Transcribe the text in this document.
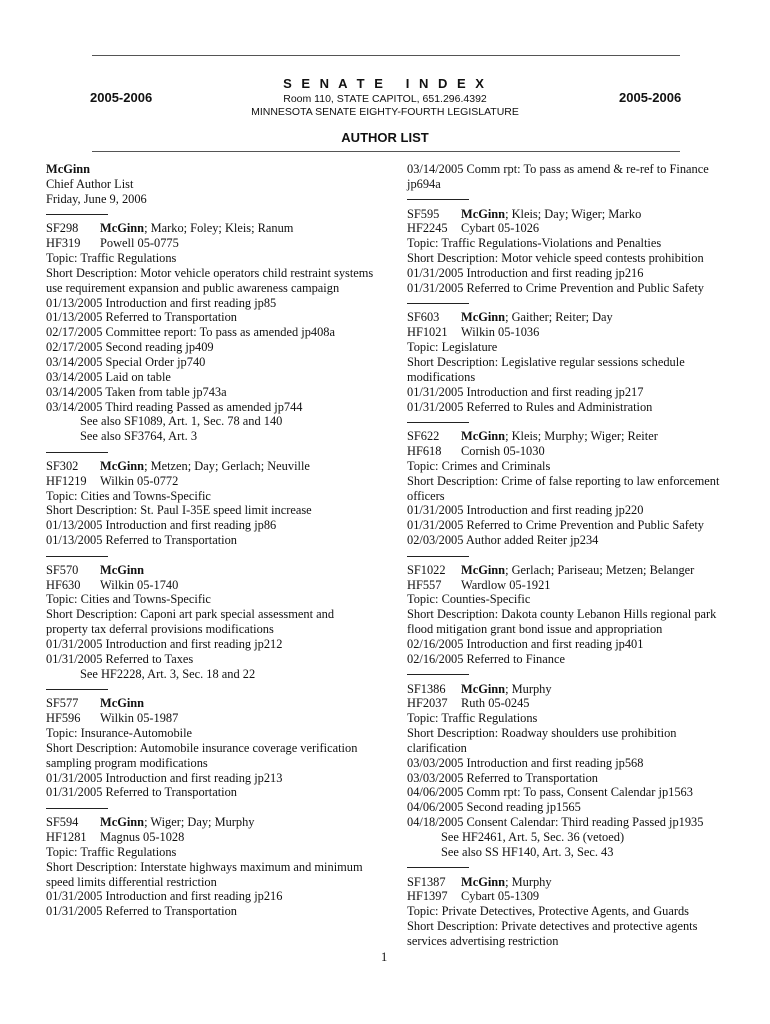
S E N A T E   I N D E X
2005-2006	2005-2006
Room 110, STATE CAPITOL, 651.296.4392
MINNESOTA SENATE EIGHTY-FOURTH LEGISLATURE
AUTHOR LIST
McGinn
Chief Author List
Friday, June 9, 2006
SF298 McGinn; Marko; Foley; Kleis; Ranum
HF319 Powell 05-0775
Topic: Traffic Regulations
Short Description: Motor vehicle operators child restraint systems use requirement expansion and public awareness campaign
01/13/2005 Introduction and first reading jp85
01/13/2005 Referred to Transportation
02/17/2005 Committee report: To pass as amended jp408a
02/17/2005 Second reading jp409
03/14/2005 Special Order jp740
03/14/2005 Laid on table
03/14/2005 Taken from table jp743a
03/14/2005 Third reading Passed as amended jp744
See also SF1089, Art. 1, Sec. 78 and 140
See also SF3764, Art. 3
SF302 McGinn; Metzen; Day; Gerlach; Neuville
HF1219 Wilkin 05-0772
Topic: Cities and Towns-Specific
Short Description: St. Paul I-35E speed limit increase
01/13/2005 Introduction and first reading jp86
01/13/2005 Referred to Transportation
SF570 McGinn
HF630 Wilkin 05-1740
Topic: Cities and Towns-Specific
Short Description: Caponi art park special assessment and property tax deferral provisions modifications
01/31/2005 Introduction and first reading jp212
01/31/2005 Referred to Taxes
See HF2228, Art. 3, Sec. 18 and 22
SF577 McGinn
HF596 Wilkin 05-1987
Topic: Insurance-Automobile
Short Description: Automobile insurance coverage verification sampling program modifications
01/31/2005 Introduction and first reading jp213
01/31/2005 Referred to Transportation
SF594 McGinn; Wiger; Day; Murphy
HF1281 Magnus 05-1028
Topic: Traffic Regulations
Short Description: Interstate highways maximum and minimum speed limits differential restriction
01/31/2005 Introduction and first reading jp216
01/31/2005 Referred to Transportation
03/14/2005 Comm rpt: To pass as amend & re-ref to Finance
jp694a
SF595 McGinn; Kleis; Day; Wiger; Marko
HF2245 Cybart 05-1026
Topic: Traffic Regulations-Violations and Penalties
Short Description: Motor vehicle speed contests prohibition
01/31/2005 Introduction and first reading jp216
01/31/2005 Referred to Crime Prevention and Public Safety
SF603 McGinn; Gaither; Reiter; Day
HF1021 Wilkin 05-1036
Topic: Legislature
Short Description: Legislative regular sessions schedule modifications
01/31/2005 Introduction and first reading jp217
01/31/2005 Referred to Rules and Administration
SF622 McGinn; Kleis; Murphy; Wiger; Reiter
HF618 Cornish 05-1030
Topic: Crimes and Criminals
Short Description: Crime of false reporting to law enforcement officers
01/31/2005 Introduction and first reading jp220
01/31/2005 Referred to Crime Prevention and Public Safety
02/03/2005 Author added Reiter jp234
SF1022 McGinn; Gerlach; Pariseau; Metzen; Belanger
HF557 Wardlow 05-1921
Topic: Counties-Specific
Short Description: Dakota county Lebanon Hills regional park flood mitigation grant bond issue and appropriation
02/16/2005 Introduction and first reading jp401
02/16/2005 Referred to Finance
SF1386 McGinn; Murphy
HF2037 Ruth 05-0245
Topic: Traffic Regulations
Short Description: Roadway shoulders use prohibition clarification
03/03/2005 Introduction and first reading jp568
03/03/2005 Referred to Transportation
04/06/2005 Comm rpt: To pass, Consent Calendar jp1563
04/06/2005 Second reading jp1565
04/18/2005 Consent Calendar: Third reading Passed jp1935
See HF2461, Art. 5, Sec. 36 (vetoed)
See also SS HF140, Art. 3, Sec. 43
SF1387 McGinn; Murphy
HF1397 Cybart 05-1309
Topic: Private Detectives, Protective Agents, and Guards
Short Description: Private detectives and protective agents services advertising restriction
1
